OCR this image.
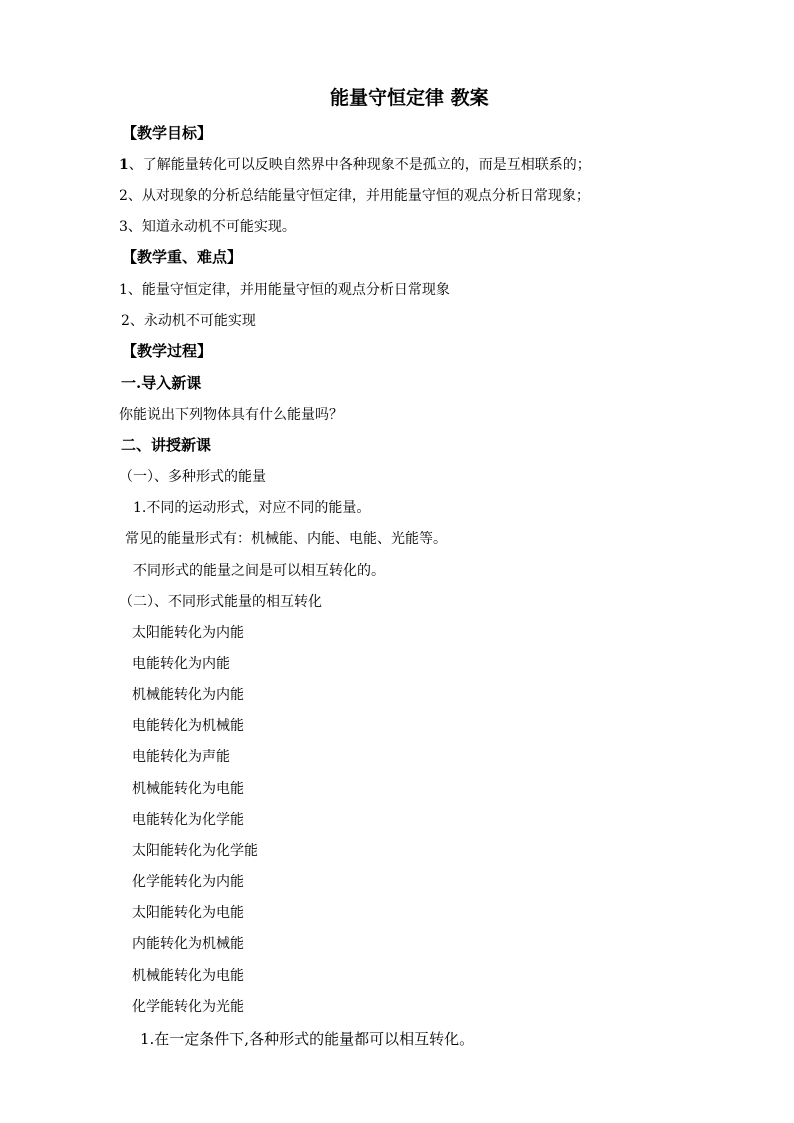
能量守恒定律 教案
【教学目标】
1、了解能量转化可以反映自然界中各种现象不是孤立的，而是互相联系的；
2、从对现象的分析总结能量守恒定律，并用能量守恒的观点分析日常现象；
3、知道永动机不可能实现。
【教学重、难点】
1、能量守恒定律，并用能量守恒的观点分析日常现象
2、永动机不可能实现
【教学过程】
一.导入新课
你能说出下列物体具有什么能量吗？
二、讲授新课
（一）、多种形式的能量
1.不同的运动形式，对应不同的能量。
常见的能量形式有：机械能、内能、电能、光能等。
不同形式的能量之间是可以相互转化的。
（二）、不同形式能量的相互转化
太阳能转化为内能
电能转化为内能
机械能转化为内能
电能转化为机械能
电能转化为声能
机械能转化为电能
电能转化为化学能
太阳能转化为化学能
化学能转化为内能
太阳能转化为电能
内能转化为机械能
机械能转化为电能
化学能转化为光能
1.在一定条件下,各种形式的能量都可以相互转化。
